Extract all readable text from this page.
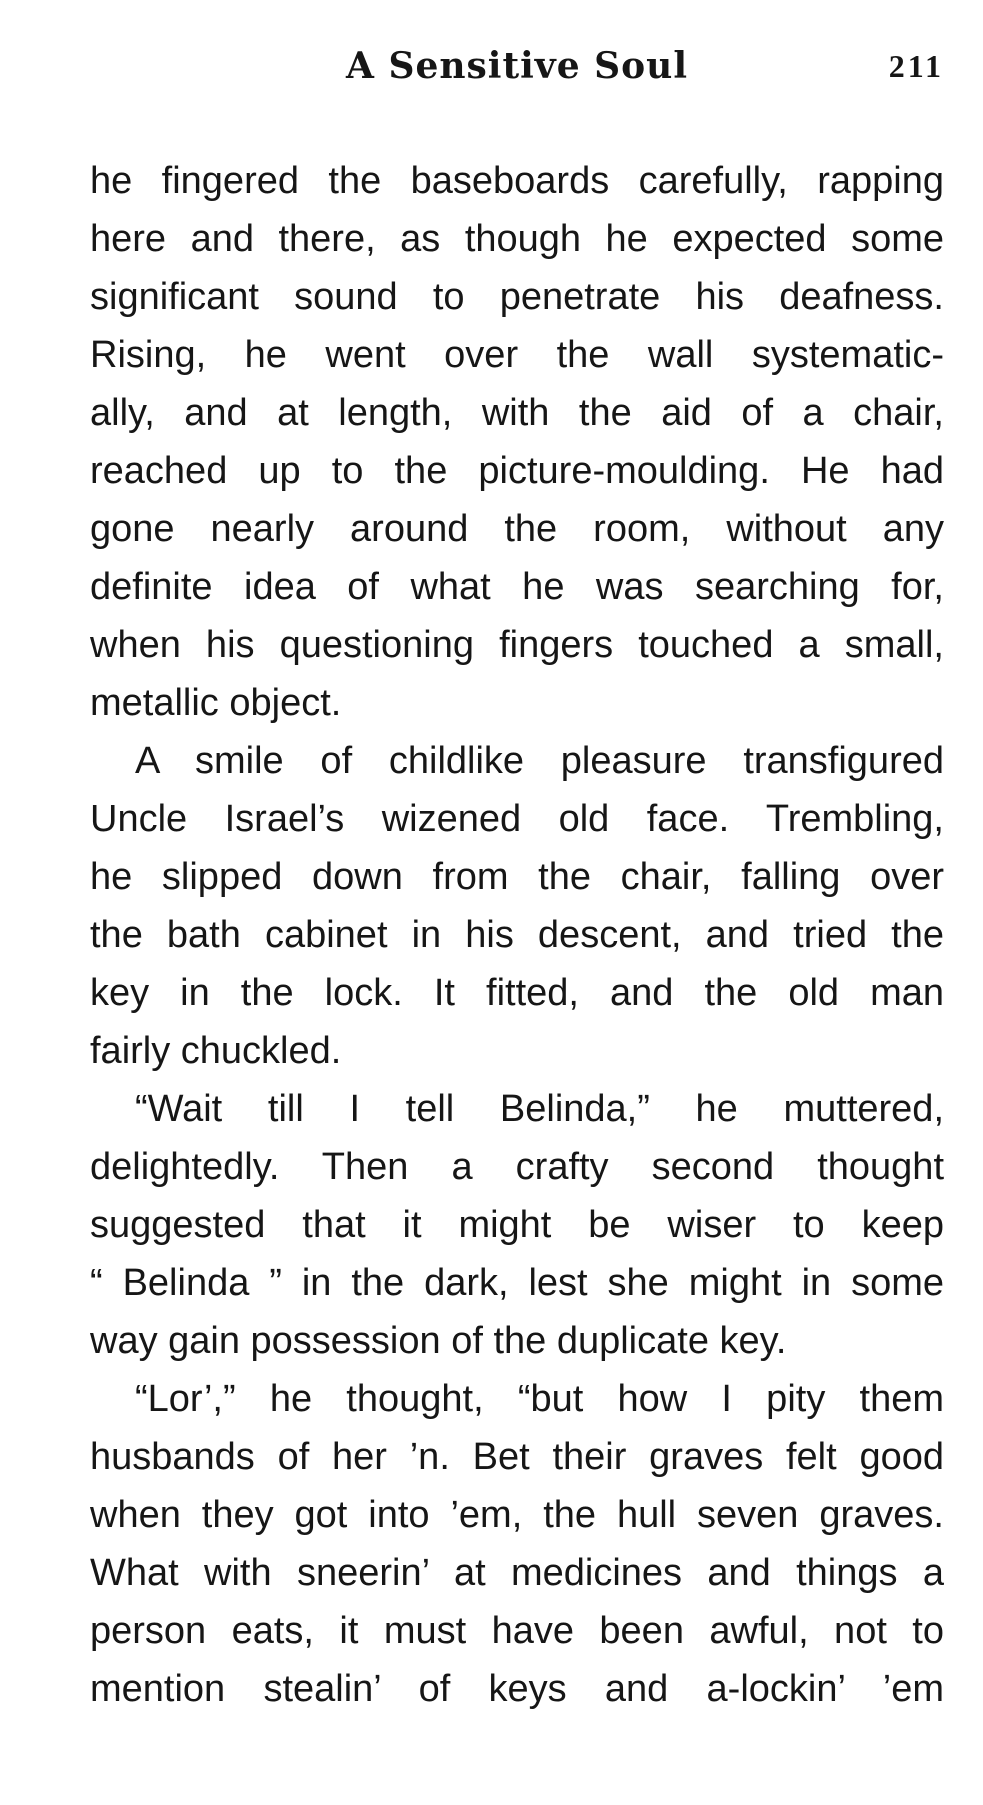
A Sensitive Soul	211
he fingered the baseboards carefully, rapping
here and there, as though he expected some
significant sound to penetrate his deafness.
Rising, he went over the wall systematic-
ally, and at length, with the aid of a chair,
reached up to the picture-moulding. He had
gone nearly around the room, without any
definite idea of what he was searching for,
when his questioning fingers touched a small,
metallic object.
A smile of childlike pleasure transfigured
Uncle Israel’s wizened old face. Trembling,
he slipped down from the chair, falling over
the bath cabinet in his descent, and tried the
key in the lock. It fitted, and the old man
fairly chuckled.
“Wait till I tell Belinda,” he muttered,
delightedly. Then a crafty second thought
suggested that it might be wiser to keep
“ Belinda ” in the dark, lest she might in some
way gain possession of the duplicate key.
“Lor’,” he thought, “but how I pity them
husbands of her ’n. Bet their graves felt good
when they got into ’em, the hull seven graves.
What with sneerin’ at medicines and things a
person eats, it must have been awful, not to
mention stealin’ of keys and a-lockin’ ’em
